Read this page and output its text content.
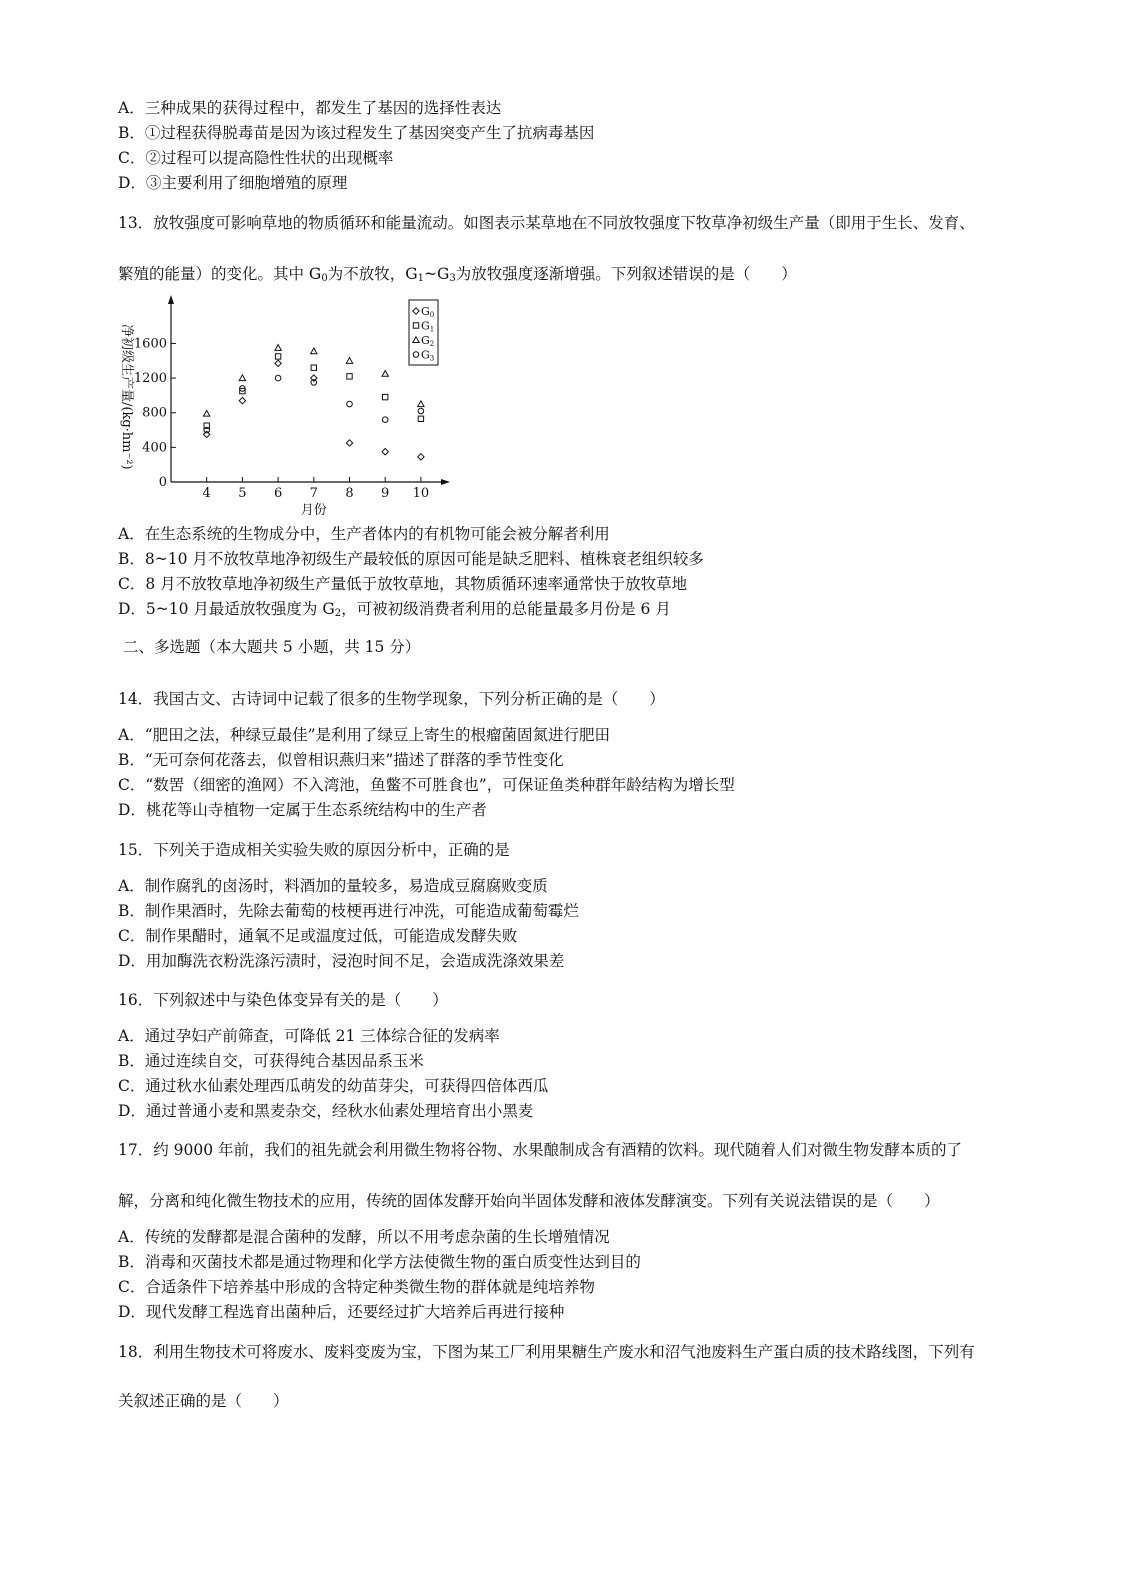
A．三种成果的获得过程中，都发生了基因的选择性表达
B．①过程获得脱毒苗是因为该过程发生了基因突变产生了抗病毒基因
C．②过程可以提高隐性性状的出现概率
D．③主要利用了细胞增殖的原理
13．放牧强度可影响草地的物质循环和能量流动。如图表示某草地在不同放牧强度下牧草净初级生产量（即用于生长、发育、
繁殖的能量）的变化。其中 $G_0$为不放牧，$G_1\sim G_3$为放牧强度逐渐增强。下列叙述错误的是（　　）
0
400
800
1200
1600
4 5 6 7 8 9 10
G0
G1
G2
G3
净初级生产量/(kg·hm⁻²)
月份
A．在生态系统的生物成分中，生产者体内的有机物可能会被分解者利用
B．8~10 月不放牧草地净初级生产最较低的原因可能是缺乏肥料、植株衰老组织较多
C．8 月不放牧草地净初级生产量低于放牧草地，其物质循环速率通常快于放牧草地
D．5~10 月最适放牧强度为 $G_2$，可被初级消费者利用的总能量最多月份是 6 月
二、多选题（本大题共 5 小题，共 15 分）
14．我国古文、古诗词中记载了很多的生物学现象，下列分析正确的是（　　）
A．“肥田之法，种绿豆最佳”是利用了绿豆上寄生的根瘤菌固氮进行肥田
B．“无可奈何花落去，似曾相识燕归来”描述了群落的季节性变化
C．“数罟（细密的渔网）不入湾池，鱼鳖不可胜食也”，可保证鱼类种群年龄结构为增长型
D．桃花等山寺植物一定属于生态系统结构中的生产者
15．下列关于造成相关实验失败的原因分析中，正确的是
A．制作腐乳的卤汤时，料酒加的量较多，易造成豆腐腐败变质
B．制作果酒时，先除去葡萄的枝梗再进行冲洗，可能造成葡萄霉烂
C．制作果醋时，通氧不足或温度过低，可能造成发酵失败
D．用加酶洗衣粉洗涤污渍时，浸泡时间不足，会造成洗涤效果差
16．下列叙述中与染色体变异有关的是（　　）
A．通过孕妇产前筛查，可降低 21 三体综合征的发病率
B．通过连续自交，可获得纯合基因品系玉米
C．通过秋水仙素处理西瓜萌发的幼苗芽尖，可获得四倍体西瓜
D．通过普通小麦和黑麦杂交，经秋水仙素处理培育出小黑麦
17．约 9000 年前，我们的祖先就会利用微生物将谷物、水果酿制成含有酒精的饮料。现代随着人们对微生物发酵本质的了
解，分离和纯化微生物技术的应用，传统的固体发酵开始向半固体发酵和液体发酵演变。下列有关说法错误的是（　　）
A．传统的发酵都是混合菌种的发酵，所以不用考虑杂菌的生长增殖情况
B．消毒和灭菌技术都是通过物理和化学方法使微生物的蛋白质变性达到目的
C．合适条件下培养基中形成的含特定种类微生物的群体就是纯培养物
D．现代发酵工程选育出菌种后，还要经过扩大培养后再进行接种
18．利用生物技术可将废水、废料变废为宝，下图为某工厂利用果糖生产废水和沼气池废料生产蛋白质的技术路线图，下列有
关叙述正确的是（　　）
